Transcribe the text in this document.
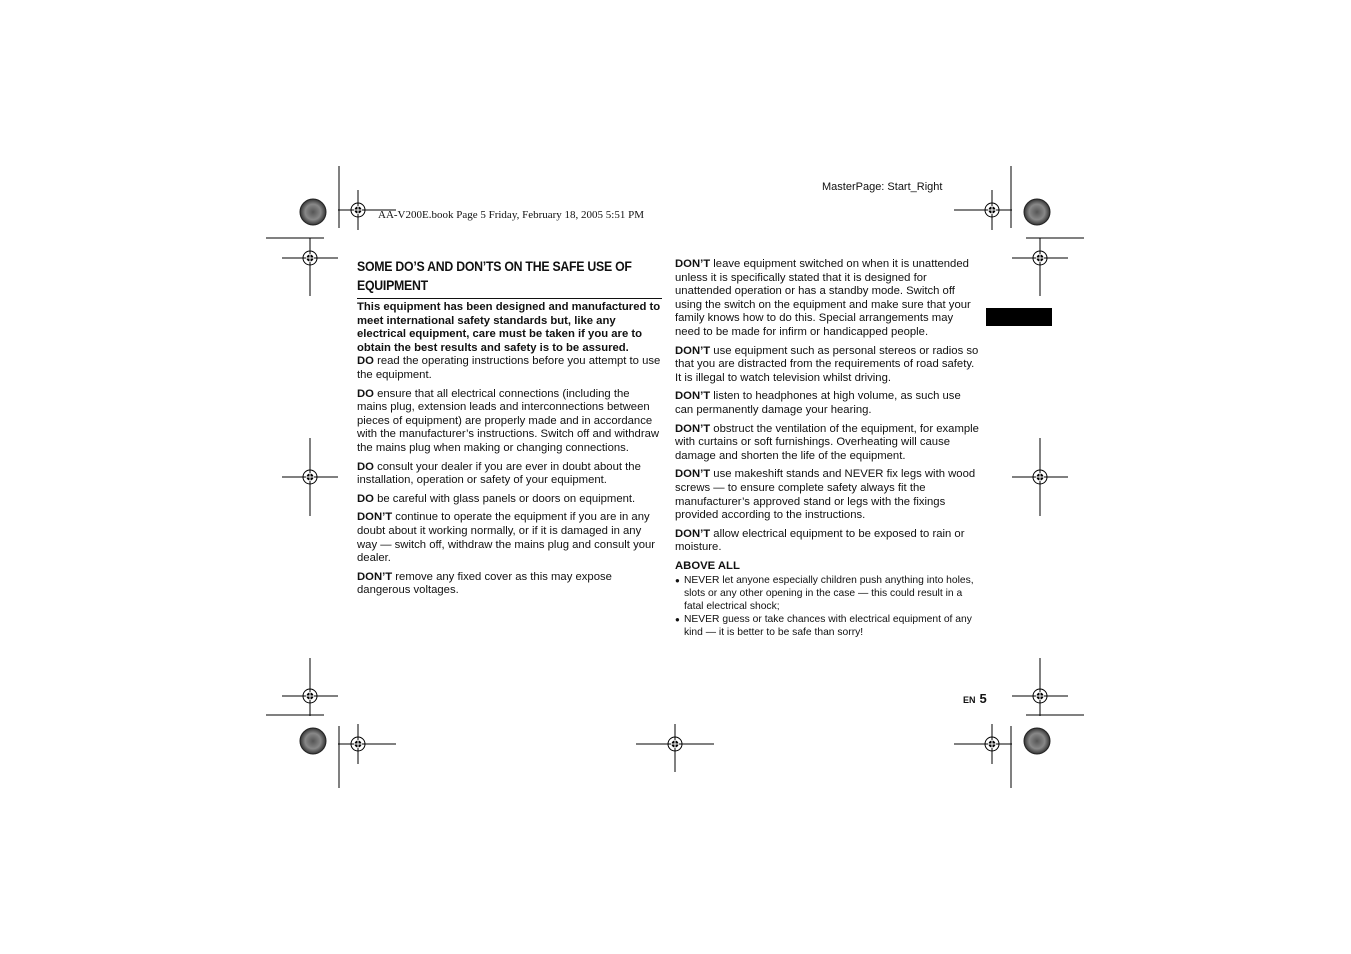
MasterPage: Start_Right
AA-V200E.book Page 5 Friday, February 18, 2005 5:51 PM
SOME DO’S AND DON’TS ON THE SAFE USE OF EQUIPMENT

This equipment has been designed and manufactured to meet international safety standards but, like any electrical equipment, care must be taken if you are to obtain the best results and safety is to be assured.

DO read the operating instructions before you attempt to use the equipment.

DO ensure that all electrical connections (including the mains plug, extension leads and interconnections between pieces of equipment) are properly made and in accordance with the manufacturer’s instructions. Switch off and withdraw the mains plug when making or changing connections.

DO consult your dealer if you are ever in doubt about the installation, operation or safety of your equipment.

DO be careful with glass panels or doors on equipment.

DON’T continue to operate the equipment if you are in any doubt about it working normally, or if it is damaged in any way — switch off, withdraw the mains plug and consult your dealer.

DON’T remove any fixed cover as this may expose dangerous voltages.

DON’T leave equipment switched on when it is unattended unless it is specifically stated that it is designed for unattended operation or has a standby mode. Switch off using the switch on the equipment and make sure that your family knows how to do this. Special arrangements may need to be made for infirm or handicapped people.

DON’T use equipment such as personal stereos or radios so that you are distracted from the requirements of road safety. It is illegal to watch television whilst driving.

DON’T listen to headphones at high volume, as such use can permanently damage your hearing.

DON’T obstruct the ventilation of the equipment, for example with curtains or soft furnishings. Overheating will cause damage and shorten the life of the equipment.

DON’T use makeshift stands and NEVER fix legs with wood screws — to ensure complete safety always fit the manufacturer’s approved stand or legs with the fixings provided according to the instructions.

DON’T allow electrical equipment to be exposed to rain or moisture.

ABOVE ALL
● NEVER let anyone especially children push anything into holes, slots or any other opening in the case — this could result in a fatal electrical shock;
● NEVER guess or take chances with electrical equipment of any kind — it is better to be safe than sorry!
EN 5
